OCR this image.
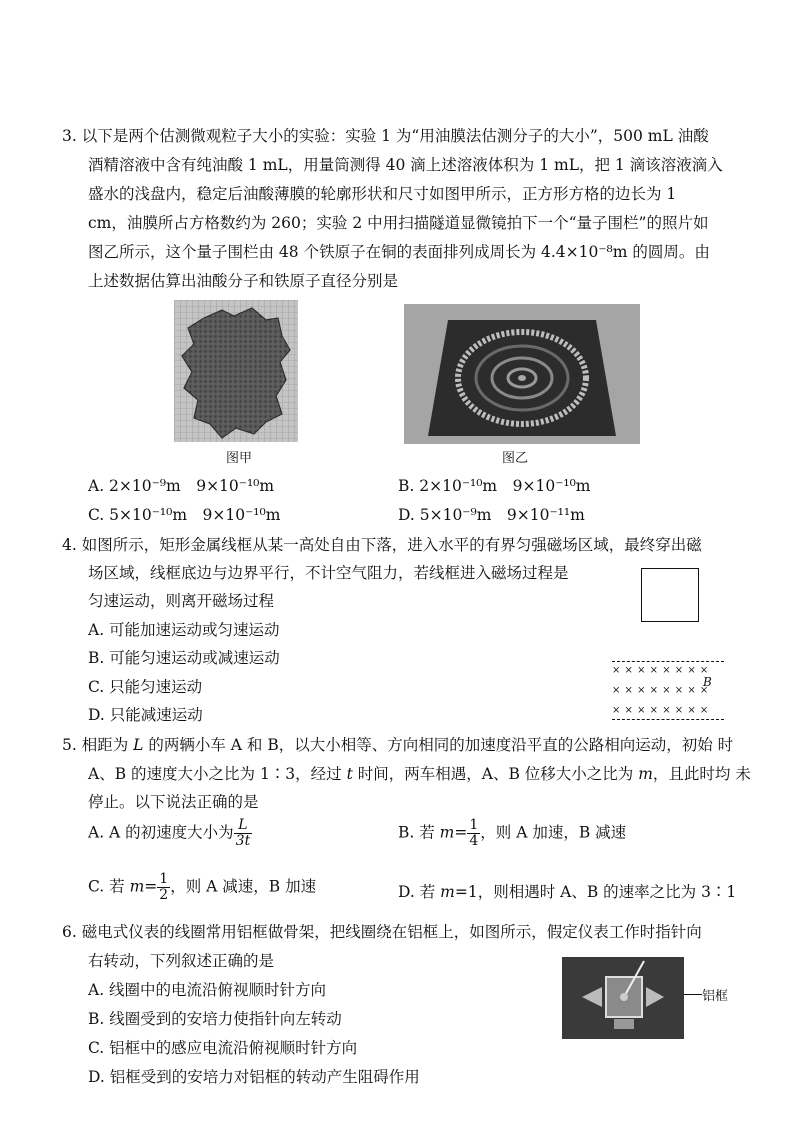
3. 以下是两个估测微观粒子大小的实验：实验 1 为“用油膜法估测分子的大小”，500 mL 油酸
酒精溶液中含有纯油酸 1 mL，用量筒测得 40 滴上述溶液体积为 1 mL，把 1 滴该溶液滴入
盛水的浅盘内，稳定后油酸薄膜的轮廓形状和尺寸如图甲所示，正方形方格的边长为 1
cm，油膜所占方格数约为 260；实验 2 中用扫描隧道显微镜拍下一个“量子围栏”的照片如
图乙所示，这个量子围栏由 48 个铁原子在铜的表面排列成周长为 4.4×10⁻⁸m 的圆周。由
上述数据估算出油酸分子和铁原子直径分别是
图甲	图乙
A. 2×10⁻⁹m　9×10⁻¹⁰m	B. 2×10⁻¹⁰m　9×10⁻¹⁰m
C. 5×10⁻¹⁰m　9×10⁻¹⁰m	D. 5×10⁻⁹m　9×10⁻¹¹m
4. 如图所示，矩形金属线框从某一高处自由下落，进入水平的有界匀强磁场区域，最终穿出磁
场区域，线框底边与边界平行，不计空气阻力，若线框进入磁场过程是
匀速运动，则离开磁场过程
A. 可能加速运动或匀速运动
B. 可能匀速运动或减速运动
C. 只能匀速运动
D. 只能减速运动
× × × × × × × ×
× × × × × × × ×
B
× × × × × × × ×
5. 相距为 L 的两辆小车 A 和 B，以大小相等、方向相同的加速度沿平直的公路相向运动，初始 时
A、B 的速度大小之比为 1∶3，经过 t 时间，两车相遇，A、B 位移大小之比为 m，且此时均 未
停止。以下说法正确的是
A. A 的初速度大小为 $\frac{L}{3t}$	B. 若 $m= \frac{1}{4}$ ，则 A 加速，B 减速
C. 若 $m= \frac{1}{2}$ ，则 A 减速，B 加速	D. 若 m=1，则相遇时 A、B 的速率之比为 3∶1
6. 磁电式仪表的线圈常用铝框做骨架，把线圈绕在铝框上，如图所示，假定仪表工作时指针向
右转动，下列叙述正确的是
A. 线圈中的电流沿俯视顺时针方向
B. 线圈受到的安培力使指针向左转动
C. 铝框中的感应电流沿俯视顺时针方向
D. 铝框受到的安培力对铝框的转动产生阻碍作用
铝框
